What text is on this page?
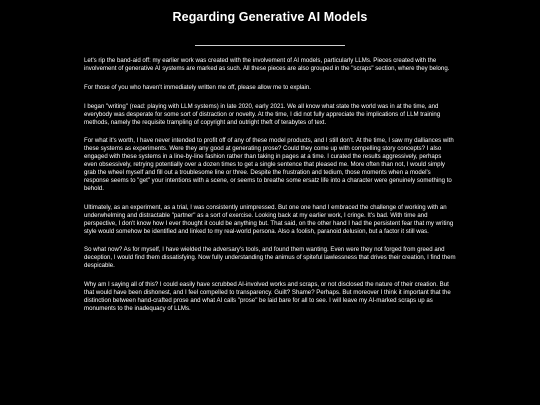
Regarding Generative AI Models

Let's rip the band-aid off: my earlier work was created with the involvement of AI models, particularly LLMs. Pieces created with the involvement of generative AI systems are marked as such. All these pieces are also grouped in the "scraps" section, where they belong.

For those of you who haven't immediately written me off, please allow me to explain.

I began "writing" (read: playing with LLM systems) in late 2020, early 2021. We all know what state the world was in at the time, and everybody was desperate for some sort of distraction or novelty. At the time, I did not fully appreciate the implications of LLM training methods, namely the requisite trampling of copyright and outright theft of terabytes of text.

For what it's worth, I have never intended to profit off of any of these model products, and I still don't. At the time, I saw my dalliances with these systems as experiments. Were they any good at generating prose? Could they come up with compelling story concepts? I also engaged with these systems in a line-by-line fashion rather than taking in pages at a time. I curated the results aggressively, perhaps even obsessively, retrying potentially over a dozen times to get a single sentence that pleased me. More often than not, I would simply grab the wheel myself and fill out a troublesome line or three. Despite the frustration and tedium, those moments when a model's response seems to "get" your intentions with a scene, or seems to breathe some ersatz life into a character were genuinely something to behold.

Ultimately, as an experiment, as a trial, I was consistently unimpressed. But one one hand I embraced the challenge of working with an underwhelming and distractable "partner" as a sort of exercise. Looking back at my earlier work, I cringe. It's bad. With time and perspective, I don't know how I ever thought it could be anything but. That said, on the other hand I had the persistent fear that my writing style would somehow be identified and linked to my real-world persona. Also a foolish, paranoid delusion, but a factor it still was.

So what now? As for myself, I have wielded the adversary's tools, and found them wanting. Even were they not forged from greed and deception, I would find them dissatisfying. Now fully understanding the animus of spiteful lawlessness that drives their creation, I find them despicable.

Why am I saying all of this? I could easily have scrubbed AI-involved works and scraps, or not disclosed the nature of their creation. But that would have been dishonest, and I feel compelled to transparency. Guilt? Shame? Perhaps. But moreover I think it important that the distinction between hand-crafted prose and what AI calls "prose" be laid bare for all to see. I will leave my AI-marked scraps up as monuments to the inadequacy of LLMs.
